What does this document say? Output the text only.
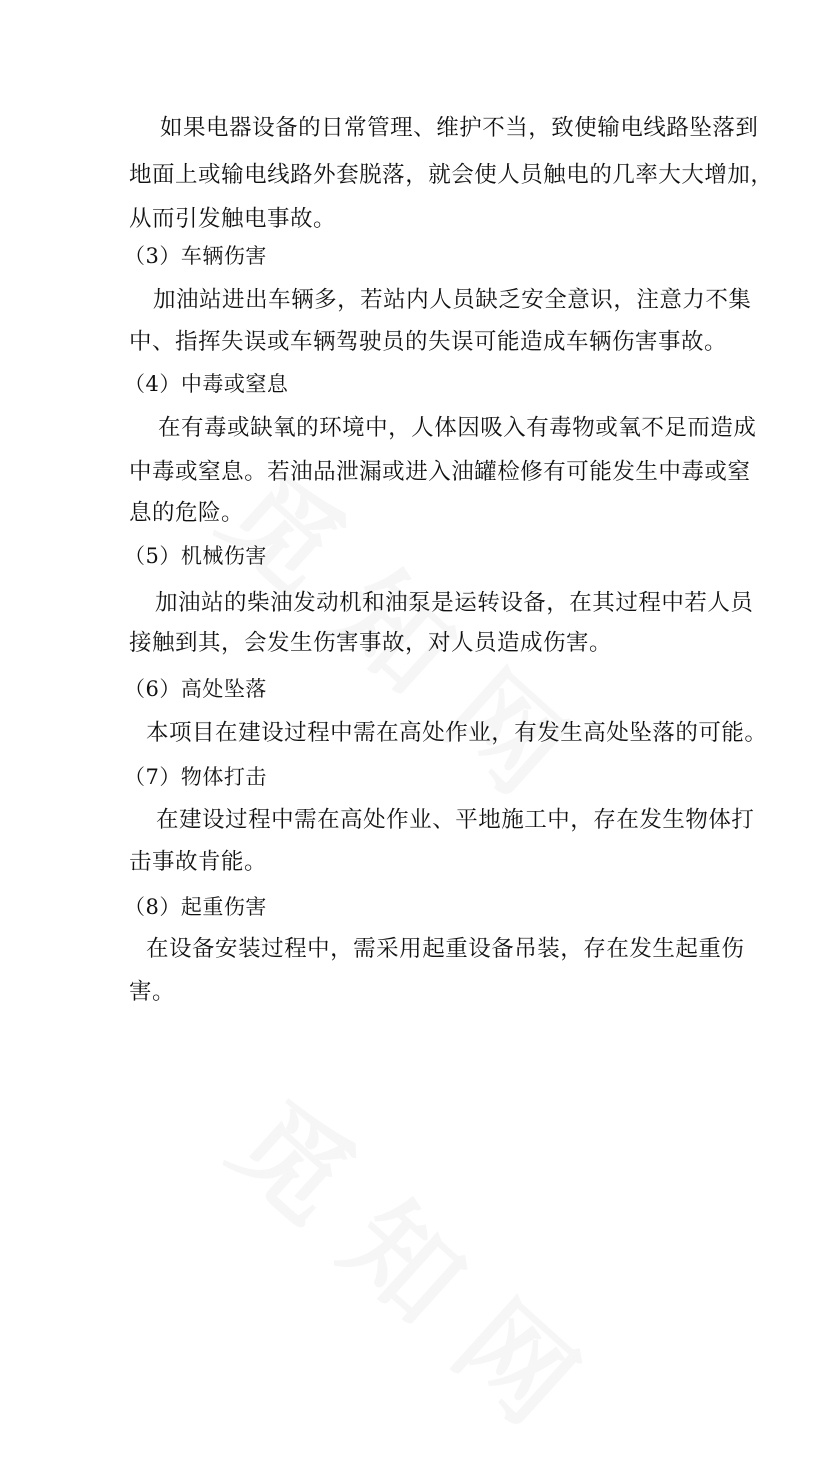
如 果 电 器 设 备 的 日 常 管 理 、 维 护 不 当 ， 致 使 输 电 线 路 坠 落 到
地 面 上 或 输 电 线 路 外 套 脱 落 ， 就 会 使 人 员 触 电 的 几 率 大 大 增 加 ，
从而引发触电事故。
（3）车辆伤害
加 油 站 进 出 车 辆 多 ， 若 站 内 人 员 缺 乏 安 全 意 识 ， 注 意 力 不 集
中、指挥失误或车辆驾驶员的失误可能造成车辆伤害事故。
（4）中毒或窒息
在 有 毒 或 缺 氧 的 环 境 中 ， 人 体 因 吸 入 有 毒 物 或 氧 不 足 而 造 成
中 毒 或 窒 息 。 若 油 品 泄 漏 或 进 入 油 罐 检 修 有 可 能 发 生 中 毒 或 窒
息的危险。
（5）机械伤害
加 油 站 的 柴 油 发 动 机 和 油 泵 是 运 转 设 备 ， 在 其 过 程 中 若 人 员
接触到其，会发生伤害事故，对人员造成伤害。
（6）高处坠落
本 项 目 在 建 设 过 程 中 需 在 高 处 作 业 ， 有 发 生 高 处 坠 落 的 可 能 。
（7）物体打击
在 建 设 过 程 中 需 在 高 处 作 业 、 平 地 施 工 中 ， 存 在 发 生 物 体 打
击事故肯能。
（8）起重伤害
在 设 备 安 装 过 程 中 ， 需 采 用 起 重 设 备 吊 装 ， 存 在 发 生 起 重 伤
害。
